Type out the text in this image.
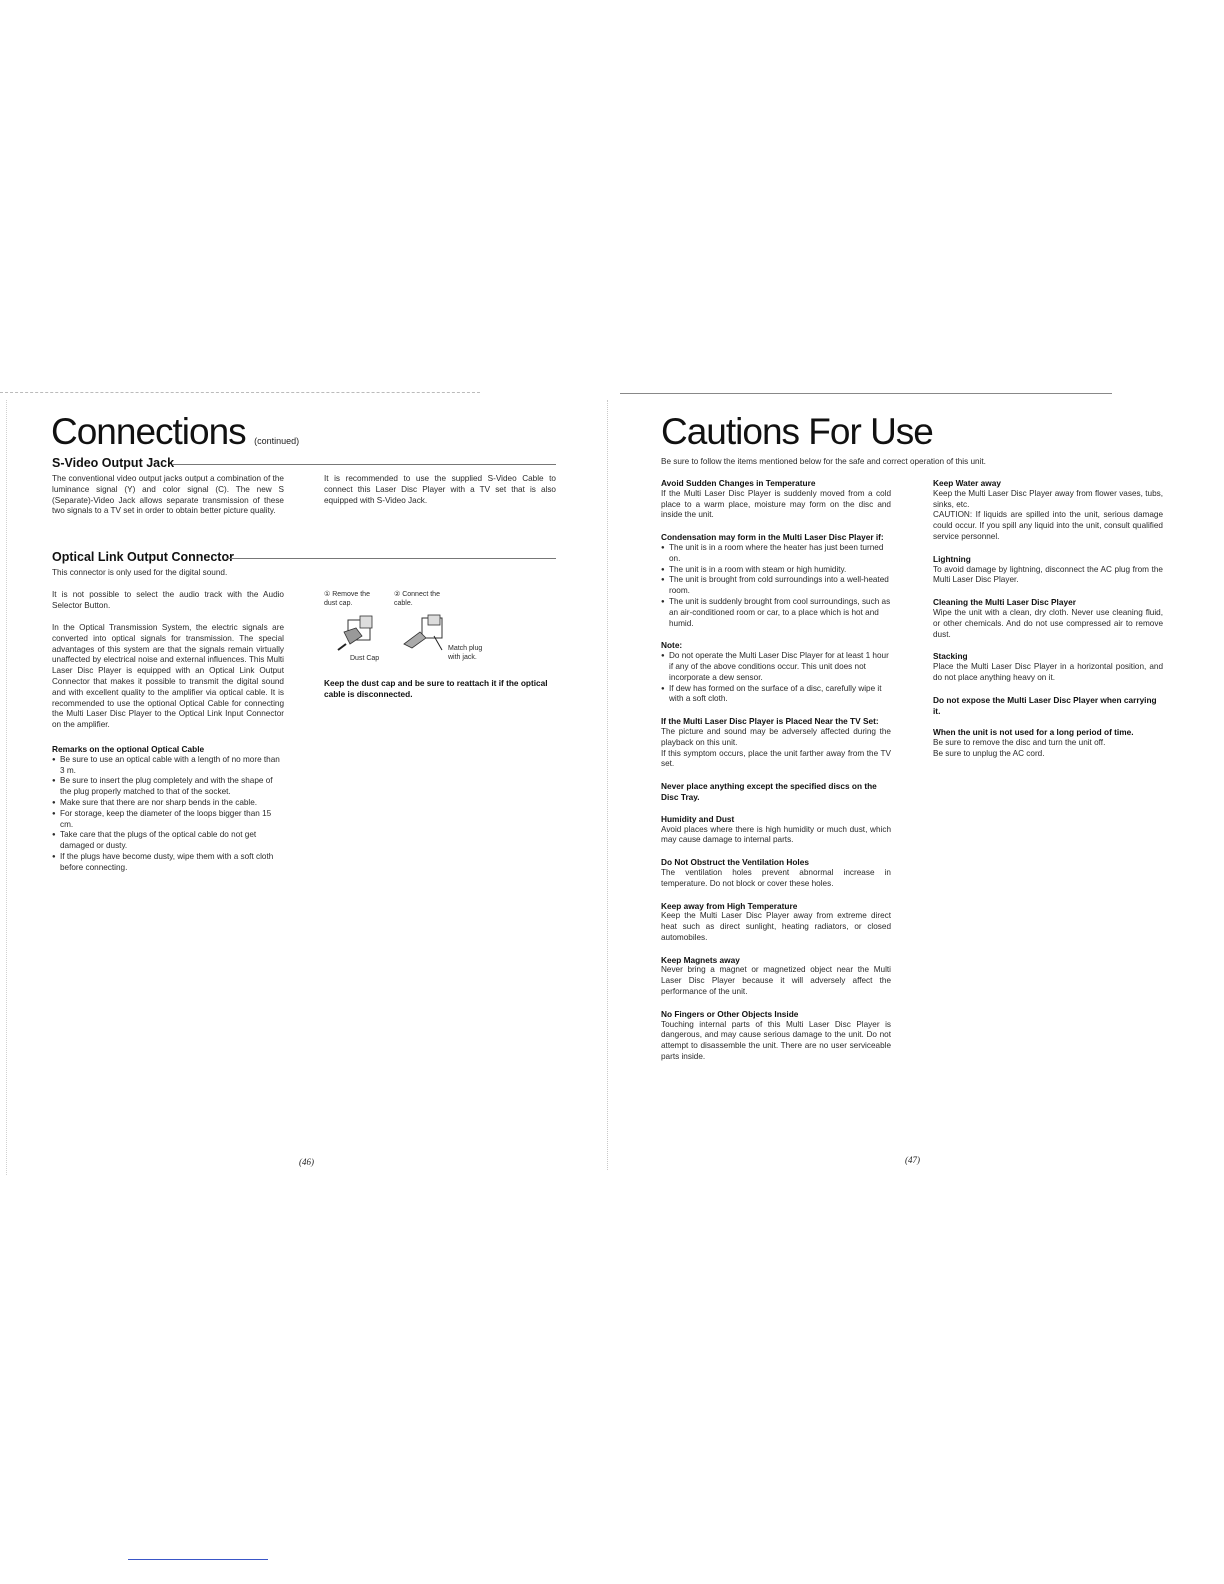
Connections (continued)
S-Video Output Jack

The conventional video output jacks output a combination of the luminance signal (Y) and color signal (C). The new S (Separate)-Video Jack allows separate transmission of these two signals to a TV set in order to obtain better picture quality.

It is recommended to use the supplied S-Video Cable to connect this Laser Disc Player with a TV set that is also equipped with S-Video Jack.

Optical Link Output Connector

This connector is only used for the digital sound.

It is not possible to select the audio track with the Audio Selector Button.

In the Optical Transmission System, the electric signals are converted into optical signals for transmission. The special advantages of this system are that the signals remain virtually unaffected by electrical noise and external influences. This Multi Laser Disc Player is equipped with an Optical Link Output Connector that makes it possible to transmit the digital sound and with excellent quality to the amplifier via optical cable. It is recommended to use the optional Optical Cable for connecting the Multi Laser Disc Player to the Optical Link Input Connector on the amplifier.

Remarks on the optional Optical Cable

● Be sure to use an optical cable with a length of no more than 3 m.

● Be sure to insert the plug completely and with the shape of the plug properly matched to that of the socket.

● Make sure that there are nor sharp bends in the cable.

● For storage, keep the diameter of the loops bigger than 15 cm.

● Take care that the plugs of the optical cable do not get damaged or dusty.

● If the plugs have become dusty, wipe them with a soft cloth before connecting.

① Remove the dust cap.
② Connect the cable.
Dust Cap
Match plug with jack.

Keep the dust cap and be sure to reattach it if the optical cable is disconnected.

(46)
Cautions For Use

Be sure to follow the items mentioned below for the safe and correct operation of this unit.

Avoid Sudden Changes in Temperature

If the Multi Laser Disc Player is suddenly moved from a cold place to a warm place, moisture may form on the disc and inside the unit.

Condensation may form in the Multi Laser Disc Player if:

● The unit is in a room where the heater has just been turned on.

● The unit is in a room with steam or high humidity.

● The unit is brought from cold surroundings into a well-heated room.

● The unit is suddenly brought from cool surroundings, such as an air-conditioned room or car, to a place which is hot and humid.

Note:

● Do not operate the Multi Laser Disc Player for at least 1 hour if any of the above conditions occur. This unit does not incorporate a dew sensor.

● If dew has formed on the surface of a disc, carefully wipe it with a soft cloth.

If the Multi Laser Disc Player is Placed Near the TV Set:

The picture and sound may be adversely affected during the playback on this unit.

If this symptom occurs, place the unit farther away from the TV set.

Never place anything except the specified discs on the Disc Tray.

Humidity and Dust

Avoid places where there is high humidity or much dust, which may cause damage to internal parts.

Do Not Obstruct the Ventilation Holes

The ventilation holes prevent abnormal increase in temperature. Do not block or cover these holes.

Keep away from High Temperature

Keep the Multi Laser Disc Player away from extreme direct heat such as direct sunlight, heating radiators, or closed automobiles.

Keep Magnets away

Never bring a magnet or magnetized object near the Multi Laser Disc Player because it will adversely affect the performance of the unit.

No Fingers or Other Objects Inside

Touching internal parts of this Multi Laser Disc Player is dangerous, and may cause serious damage to the unit. Do not attempt to disassemble the unit. There are no user serviceable parts inside.

Keep Water away

Keep the Multi Laser Disc Player away from flower vases, tubs, sinks, etc.

CAUTION: If liquids are spilled into the unit, serious damage could occur. If you spill any liquid into the unit, consult qualified service personnel.

Lightning

To avoid damage by lightning, disconnect the AC plug from the Multi Laser Disc Player.

Cleaning the Multi Laser Disc Player

Wipe the unit with a clean, dry cloth. Never use cleaning fluid, or other chemicals. And do not use compressed air to remove dust.

Stacking

Place the Multi Laser Disc Player in a horizontal position, and do not place anything heavy on it.

Do not expose the Multi Laser Disc Player when carrying it.

When the unit is not used for a long period of time.

Be sure to remove the disc and turn the unit off.

Be sure to unplug the AC cord.

(47)
